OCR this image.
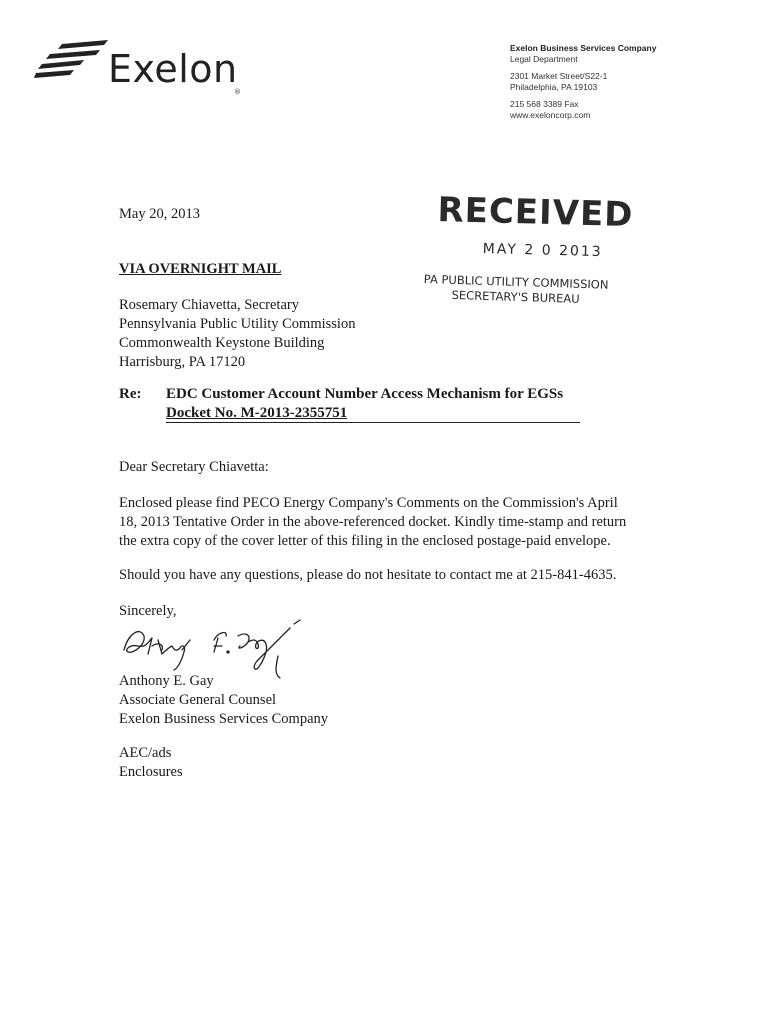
Exelon
®
Exelon Business Services Company
Legal Department
2301 Market Street/S22-1
Philadelphia, PA 19103
215 568 3389 Fax
www.exeloncorp.com
RECEIVED
MAY 2 0 2013
PA PUBLIC UTILITY COMMISSION
SECRETARY'S BUREAU
May 20, 2013
VIA OVERNIGHT MAIL
Rosemary Chiavetta, Secretary
Pennsylvania Public Utility Commission
Commonwealth Keystone Building
Harrisburg, PA 17120
Re: EDC Customer Account Number Access Mechanism for EGSs
Docket No. M-2013-2355751
Dear Secretary Chiavetta:
Enclosed please find PECO Energy Company's Comments on the Commission's April
18, 2013 Tentative Order in the above-referenced docket. Kindly time-stamp and return
the extra copy of the cover letter of this filing in the enclosed postage-paid envelope.
Should you have any questions, please do not hesitate to contact me at 215-841-4635.
Sincerely,
Anthony E. Gay
Associate General Counsel
Exelon Business Services Company
AEC/ads
Enclosures
